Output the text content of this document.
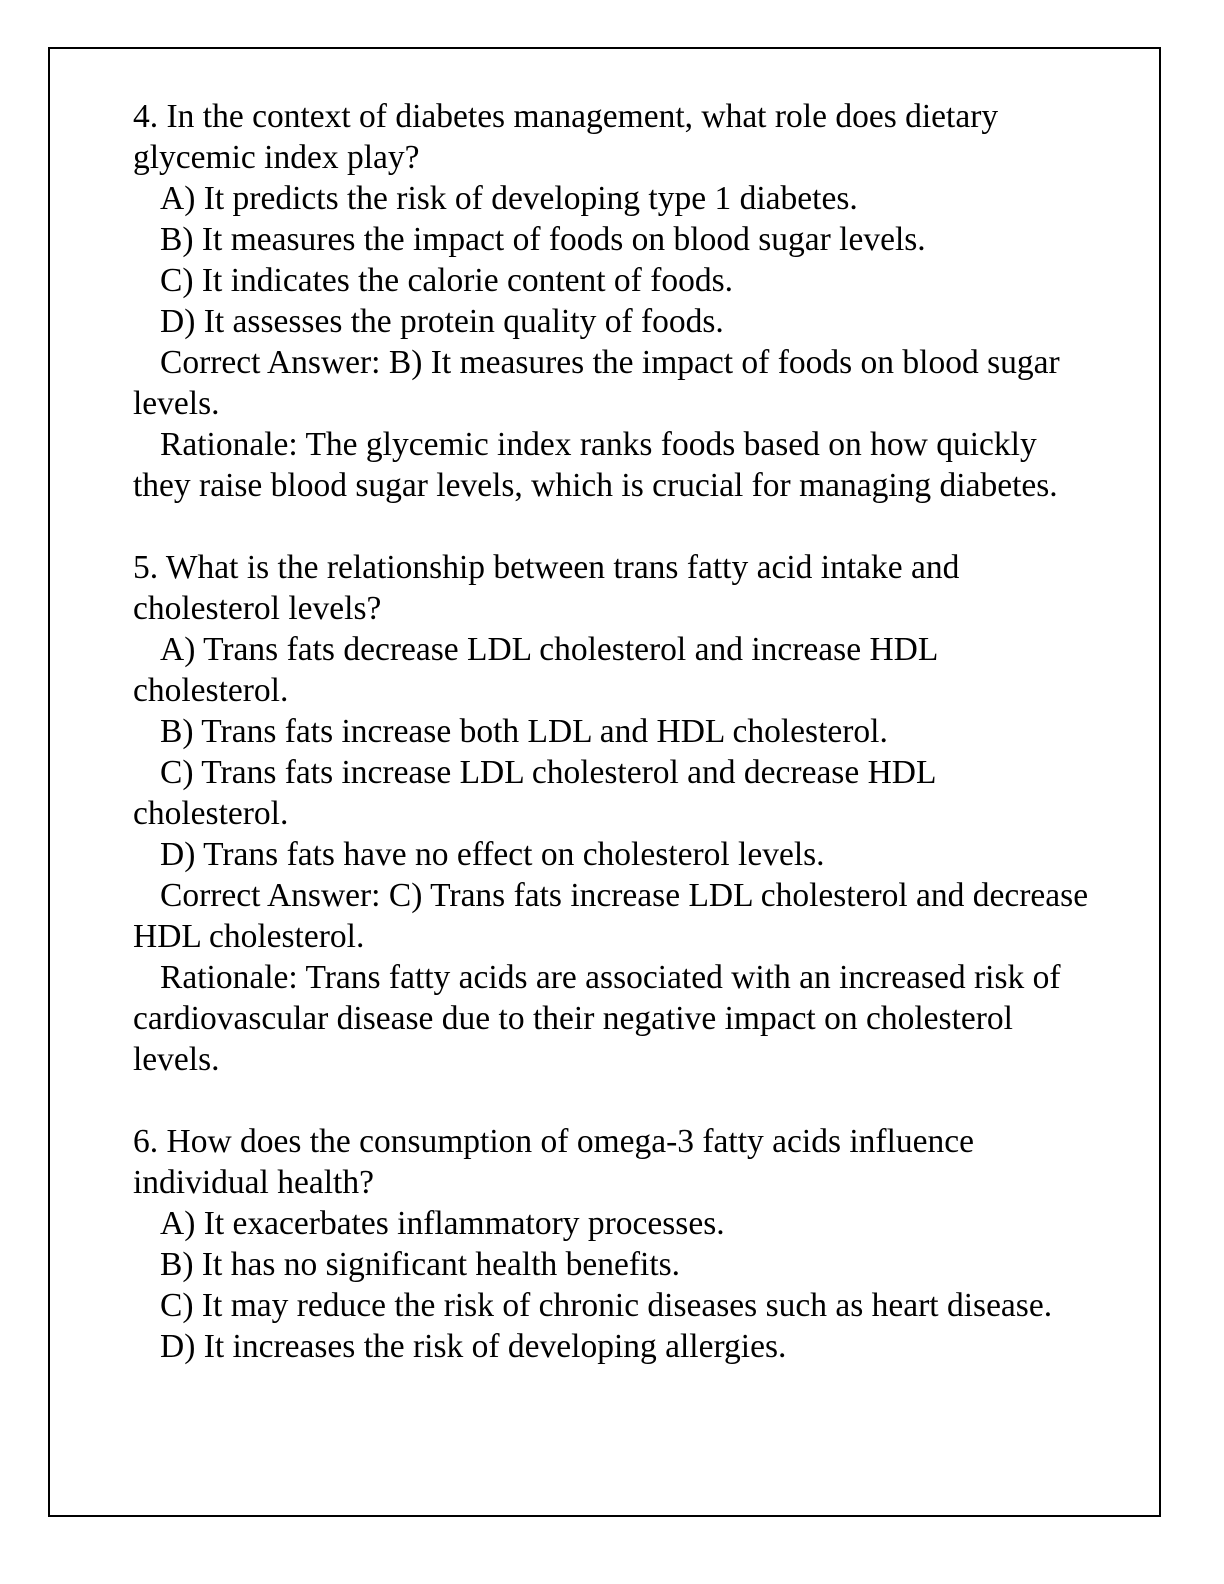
4. In the context of diabetes management, what role does dietary glycemic index play?

A) It predicts the risk of developing type 1 diabetes.

B) It measures the impact of foods on blood sugar levels.

C) It indicates the calorie content of foods.

D) It assesses the protein quality of foods.

Correct Answer: B) It measures the impact of foods on blood sugar levels.

Rationale: The glycemic index ranks foods based on how quickly they raise blood sugar levels, which is crucial for managing diabetes.

5. What is the relationship between trans fatty acid intake and cholesterol levels?

A) Trans fats decrease LDL cholesterol and increase HDL cholesterol.

B) Trans fats increase both LDL and HDL cholesterol.

C) Trans fats increase LDL cholesterol and decrease HDL cholesterol.

D) Trans fats have no effect on cholesterol levels.

Correct Answer: C) Trans fats increase LDL cholesterol and decrease HDL cholesterol.

Rationale: Trans fatty acids are associated with an increased risk of cardiovascular disease due to their negative impact on cholesterol levels.

6. How does the consumption of omega-3 fatty acids influence individual health?

A) It exacerbates inflammatory processes.

B) It has no significant health benefits.

C) It may reduce the risk of chronic diseases such as heart disease.

D) It increases the risk of developing allergies.
